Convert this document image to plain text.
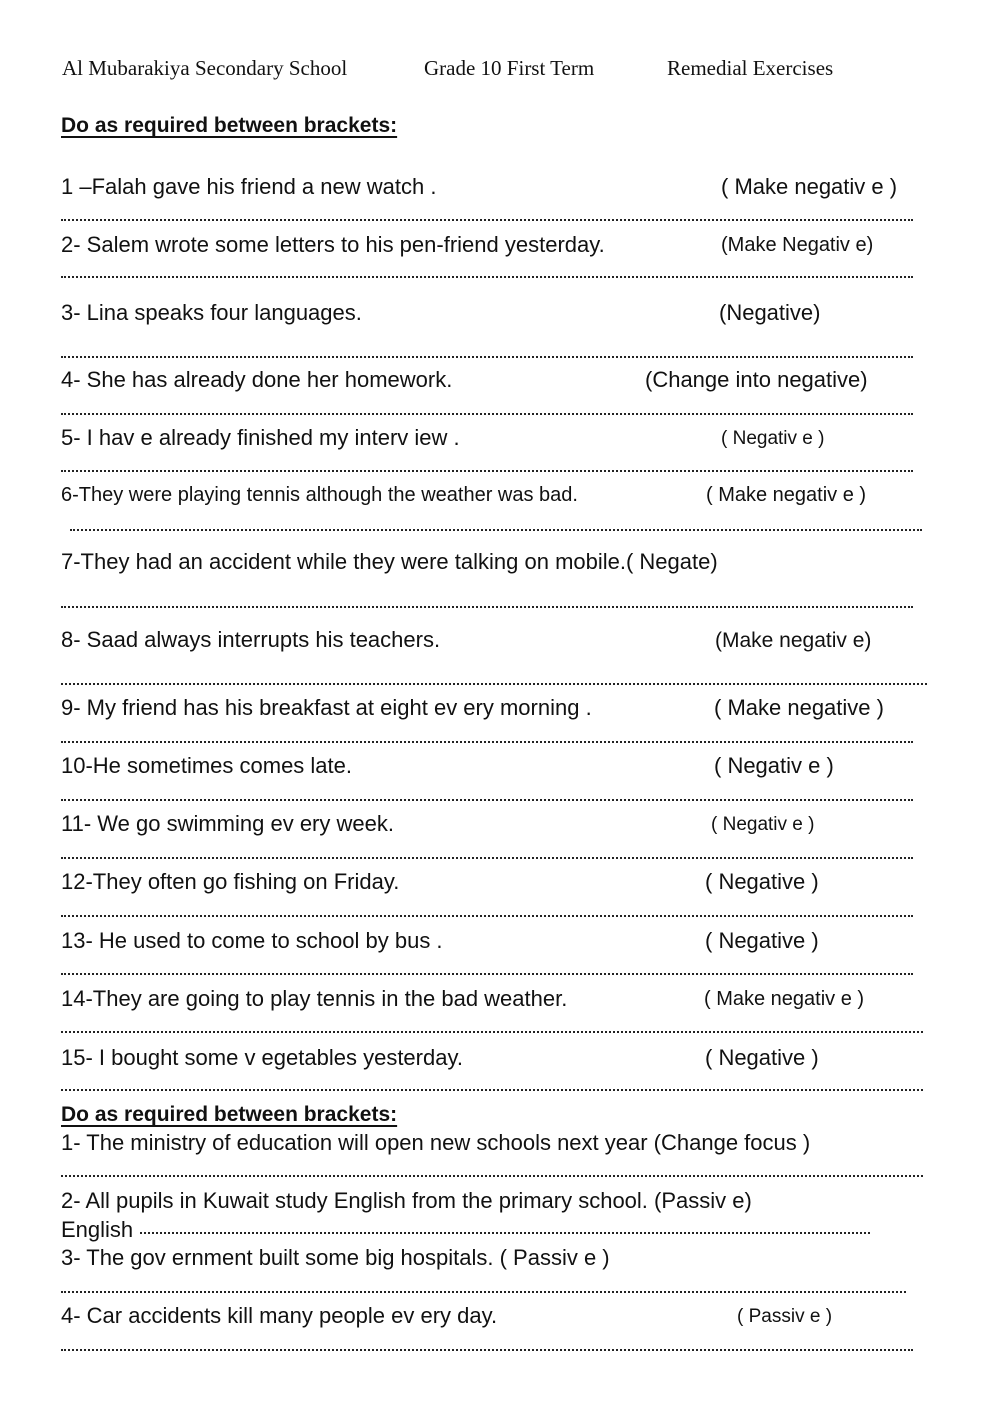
Al Mubarakiya Secondary School	Grade 10 First Term	Remedial Exercises
Do as required between brackets:
1 –Falah gave his friend a new watch .	( Make negativ e )
2- Salem wrote some letters to his pen-friend yesterday.	(Make Negativ e)
3- Lina speaks four languages.	(Negative)
4- She has already done her homework.	(Change into negative)
5- I hav e already finished my interv iew .	( Negativ e )
6-They were playing tennis although the weather was bad.	( Make negativ e )
7-They had an accident while they were talking on mobile.( Negate)
8- Saad always interrupts his teachers.	(Make negativ e)
9- My friend has his breakfast at eight ev ery morning .	( Make negative )
10-He sometimes comes late.	( Negativ e )
11- We go swimming ev ery week.	( Negativ e )
12-They often go fishing on Friday.	( Negative )
13- He used to come to school by bus .	( Negative )
14-They are going to play tennis in the bad weather.	( Make negativ e )
15- I bought some v egetables yesterday.	( Negative )
Do as required between brackets:
1- The ministry of education will open new schools next year (Change focus )
2- All pupils in Kuwait study English from the primary school. (Passiv e)
English
3- The gov ernment built some big hospitals. ( Passiv e )
4- Car accidents kill many people ev ery day.	( Passiv e )
